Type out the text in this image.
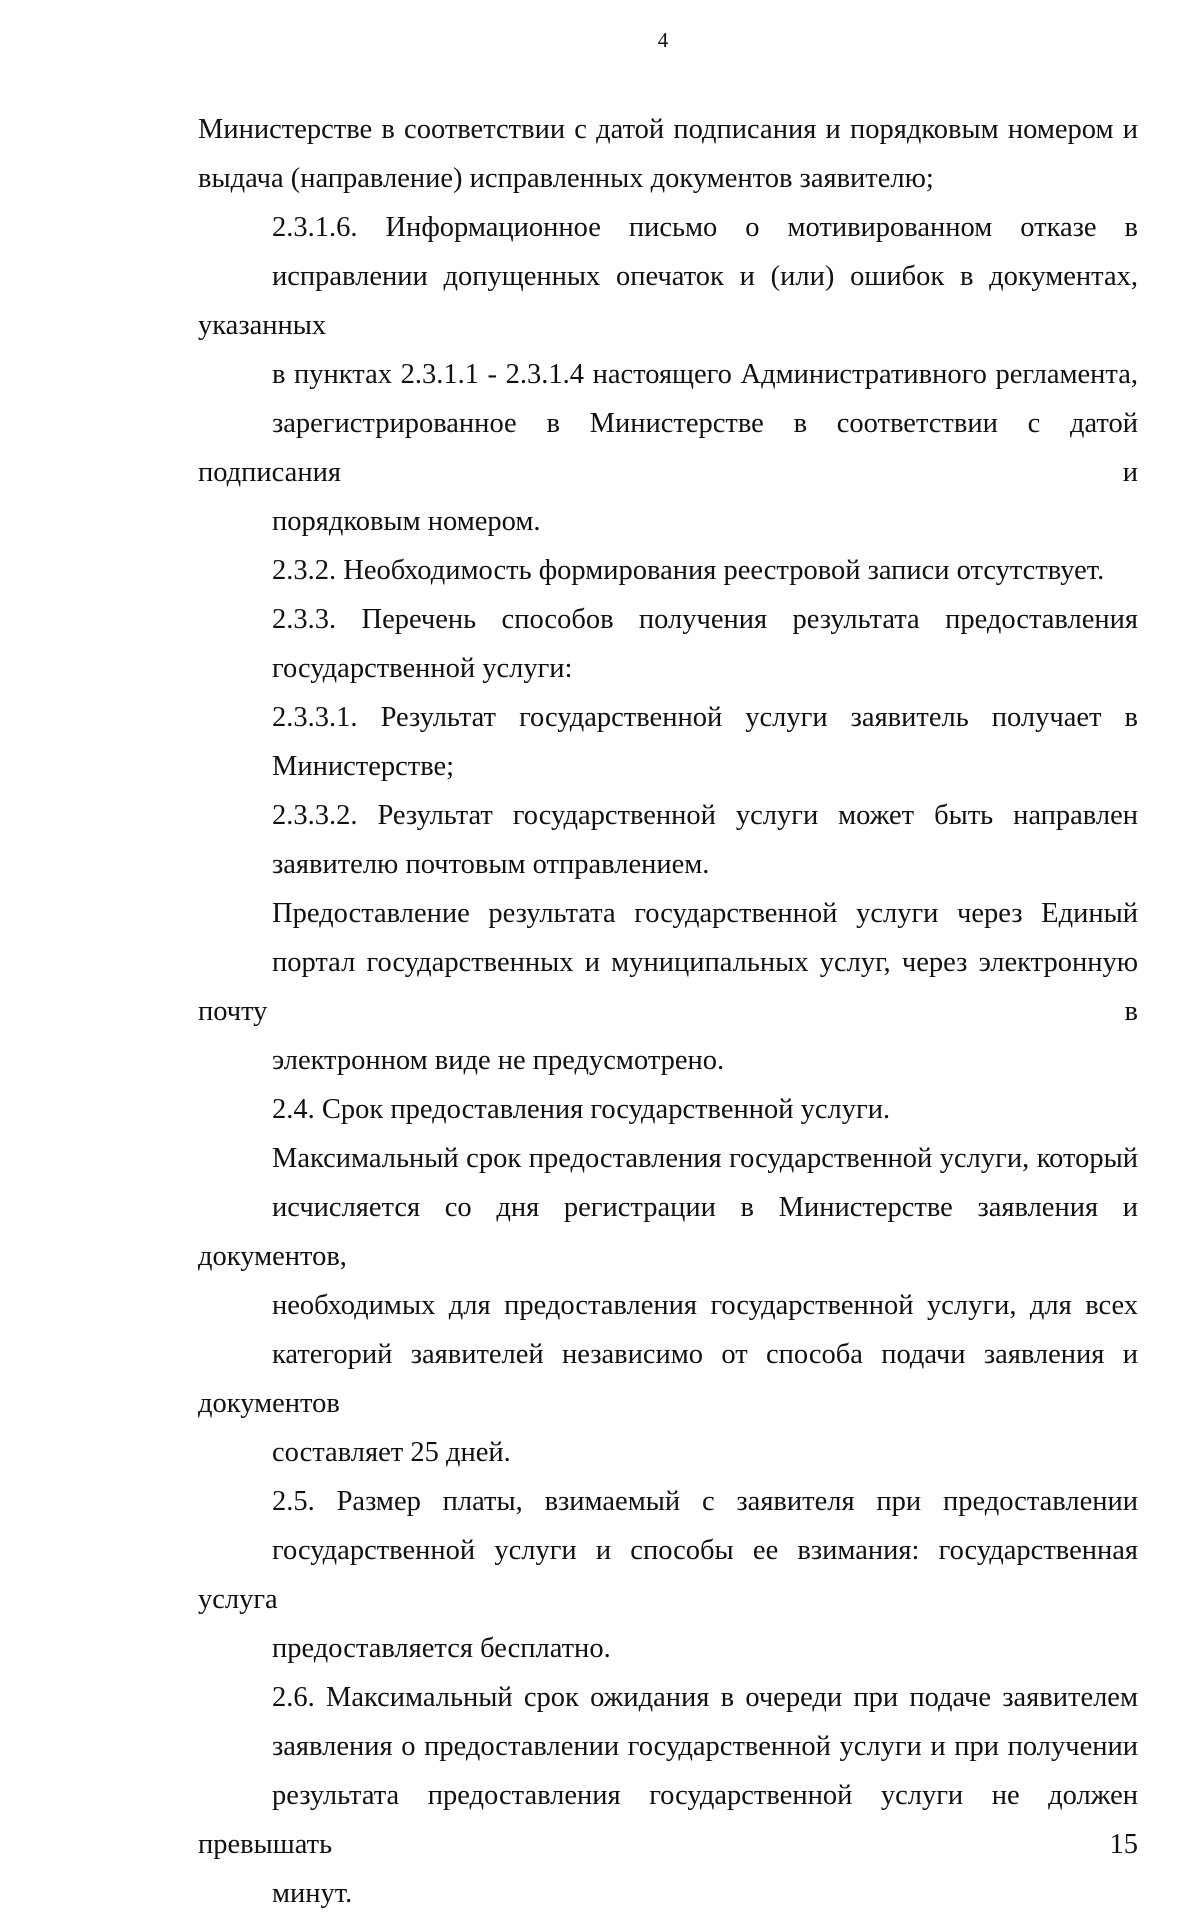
4

Министерстве в соответствии с датой подписания и порядковым номером и
выдача (направление) исправленных документов заявителю;

2.3.1.6. Информационное письмо о мотивированном отказе в
исправлении допущенных опечаток и (или) ошибок в документах, указанных
в пунктах 2.3.1.1 - 2.3.1.4 настоящего Административного регламента,
зарегистрированное в Министерстве в соответствии с датой подписания и
порядковым номером.

2.3.2. Необходимость формирования реестровой записи отсутствует.

2.3.3. Перечень способов получения результата предоставления
государственной услуги:

2.3.3.1. Результат государственной услуги заявитель получает в
Министерстве;

2.3.3.2. Результат государственной услуги может быть направлен
заявителю почтовым отправлением.

Предоставление результата государственной услуги через Единый
портал государственных и муниципальных услуг, через электронную почту в
электронном виде не предусмотрено.

2.4. Срок предоставления государственной услуги.

Максимальный срок предоставления государственной услуги, который
исчисляется со дня регистрации в Министерстве заявления и документов,
необходимых для предоставления государственной услуги, для всех
категорий заявителей независимо от способа подачи заявления и документов
составляет 25 дней.

2.5. Размер платы, взимаемый с заявителя при предоставлении
государственной услуги и способы ее взимания: государственная услуга
предоставляется бесплатно.

2.6. Максимальный срок ожидания в очереди при подаче заявителем
заявления о предоставлении государственной услуги и при получении
результата предоставления государственной услуги не должен превышать 15
минут.
